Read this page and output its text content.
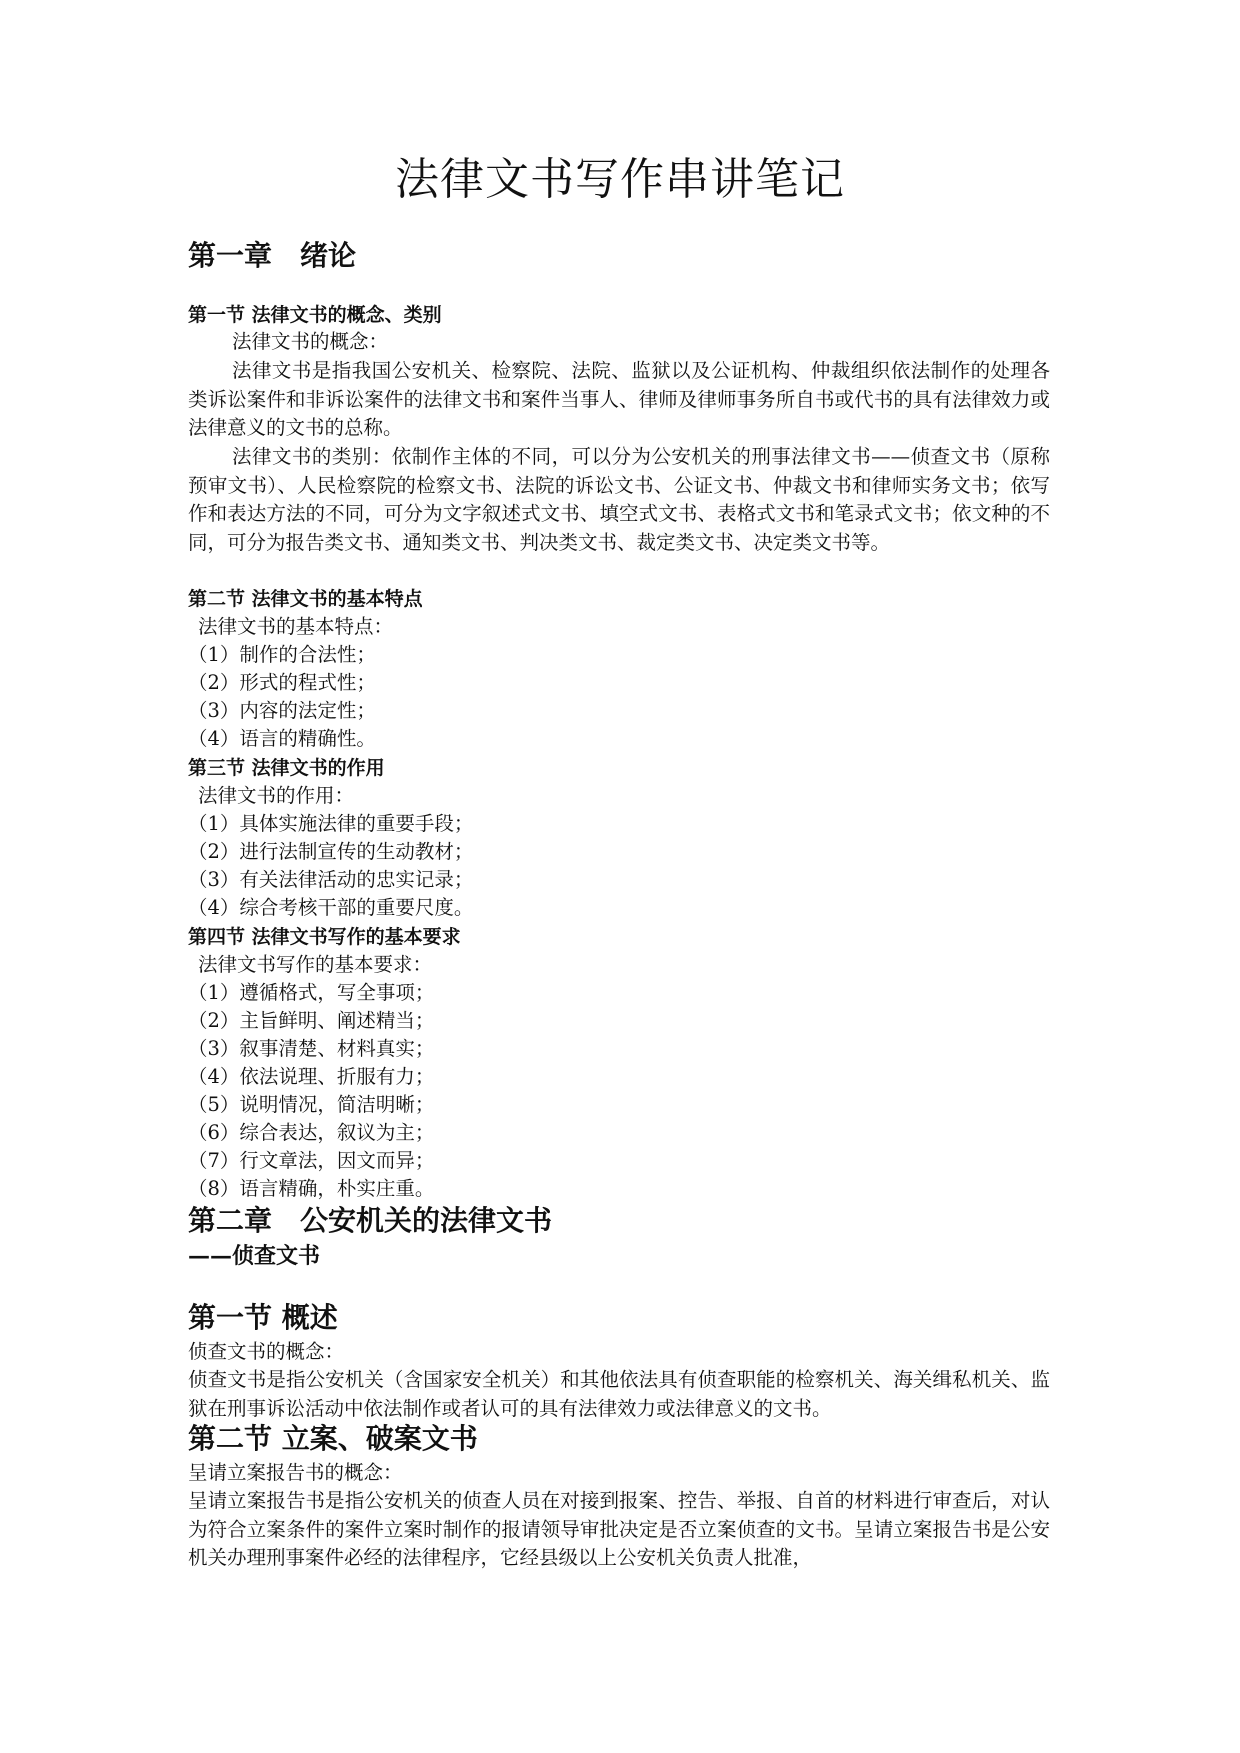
法律文书写作串讲笔记
第一章　绪论
第一节 法律文书的概念、类别
法律文书的概念：
法律文书是指我国公安机关、检察院、法院、监狱以及公证机构、仲裁组织依法制作的处理各类诉讼案件和非诉讼案件的法律文书和案件当事人、律师及律师事务所自书或代书的具有法律效力或法律意义的文书的总称。
法律文书的类别：依制作主体的不同，可以分为公安机关的刑事法律文书——侦查文书（原称预审文书）、人民检察院的检察文书、法院的诉讼文书、公证文书、仲裁文书和律师实务文书；依写作和表达方法的不同，可分为文字叙述式文书、填空式文书、表格式文书和笔录式文书；依文种的不同，可分为报告类文书、通知类文书、判决类文书、裁定类文书、决定类文书等。
第二节 法律文书的基本特点
法律文书的基本特点：
（1）制作的合法性；
（2）形式的程式性；
（3）内容的法定性；
（4）语言的精确性。
第三节 法律文书的作用
法律文书的作用：
（1）具体实施法律的重要手段；
（2）进行法制宣传的生动教材；
（3）有关法律活动的忠实记录；
（4）综合考核干部的重要尺度。
第四节 法律文书写作的基本要求
法律文书写作的基本要求：
（1）遵循格式，写全事项；
（2）主旨鲜明、阐述精当；
（3）叙事清楚、材料真实；
（4）依法说理、折服有力；
（5）说明情况，简洁明晰；
（6）综合表达，叙议为主；
（7）行文章法，因文而异；
（8）语言精确，朴实庄重。
第二章　公安机关的法律文书
——侦查文书
第一节 概述
侦查文书的概念：
侦查文书是指公安机关（含国家安全机关）和其他依法具有侦查职能的检察机关、海关缉私机关、监狱在刑事诉讼活动中依法制作或者认可的具有法律效力或法律意义的文书。
第二节 立案、破案文书
呈请立案报告书的概念：
呈请立案报告书是指公安机关的侦查人员在对接到报案、控告、举报、自首的材料进行审查后，对认为符合立案条件的案件立案时制作的报请领导审批决定是否立案侦查的文书。呈请立案报告书是公安机关办理刑事案件必经的法律程序，它经县级以上公安机关负责人批准，
